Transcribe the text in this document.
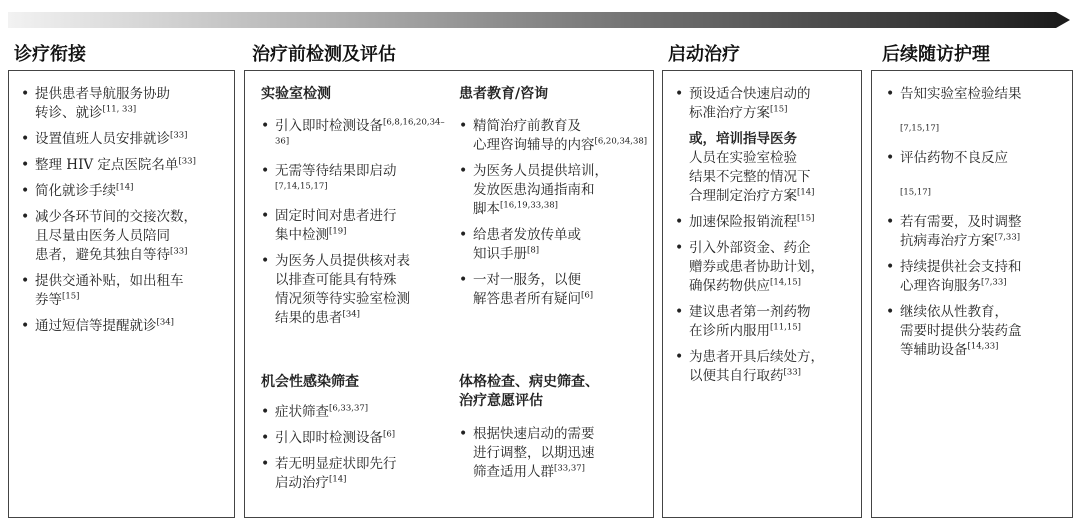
诊疗衔接	治疗前检测及评估	启动治疗	后续随访护理
• 提供患者导航服务协助
转诊、就诊[11, 33]
• 设置值班人员安排就诊[33]
• 整理 HIV 定点医院名单[33]
• 简化就诊手续[14]
• 减少各环节间的交接次数，
且尽量由医务人员陪同
患者，避免其独自等待[33]
• 提供交通补贴，如出租车
券等[15]
• 通过短信等提醒就诊[34]
实验室检测
• 引入即时检测设备[6,8,16,20,34–36]
• 无需等待结果即启动[7,14,15,17]
• 固定时间对患者进行
集中检测[19]
• 为医务人员提供核对表
以排查可能具有特殊
情况须等待实验室检测
结果的患者[34]
机会性感染筛查
• 症状筛查[6,33,37]
• 引入即时检测设备[6]
• 若无明显症状即先行
启动治疗[14]
患者教育/咨询
• 精简治疗前教育及
心理咨询辅导的内容[6,20,34,38]
• 为医务人员提供培训，
发放医患沟通指南和
脚本[16,19,33,38]
• 给患者发放传单或
知识手册[8]
• 一对一服务，以便
解答患者所有疑问[6]
体格检查、病史筛查、
治疗意愿评估
• 根据快速启动的需要
进行调整，以期迅速
筛查适用人群[33,37]
• 预设适合快速启动的
标准治疗方案[15]
或，培训指导医务

人员在实验室检验
结果不完整的情况下
合理制定治疗方案[14]
• 加速保险报销流程[15]
• 引入外部资金、药企
赠券或患者协助计划，
确保药物供应[14,15]
• 建议患者第一剂药物
在诊所内服用[11,15]
• 为患者开具后续处方，
以便其自行取药[33]
• 告知实验室检验结果

[7,15,17]
• 评估药物不良反应

[15,17]
• 若有需要，及时调整
抗病毒治疗方案[7,33]
• 持续提供社会支持和
心理咨询服务[7,33]
• 继续依从性教育，
需要时提供分装药盒
等辅助设备[14,33]
